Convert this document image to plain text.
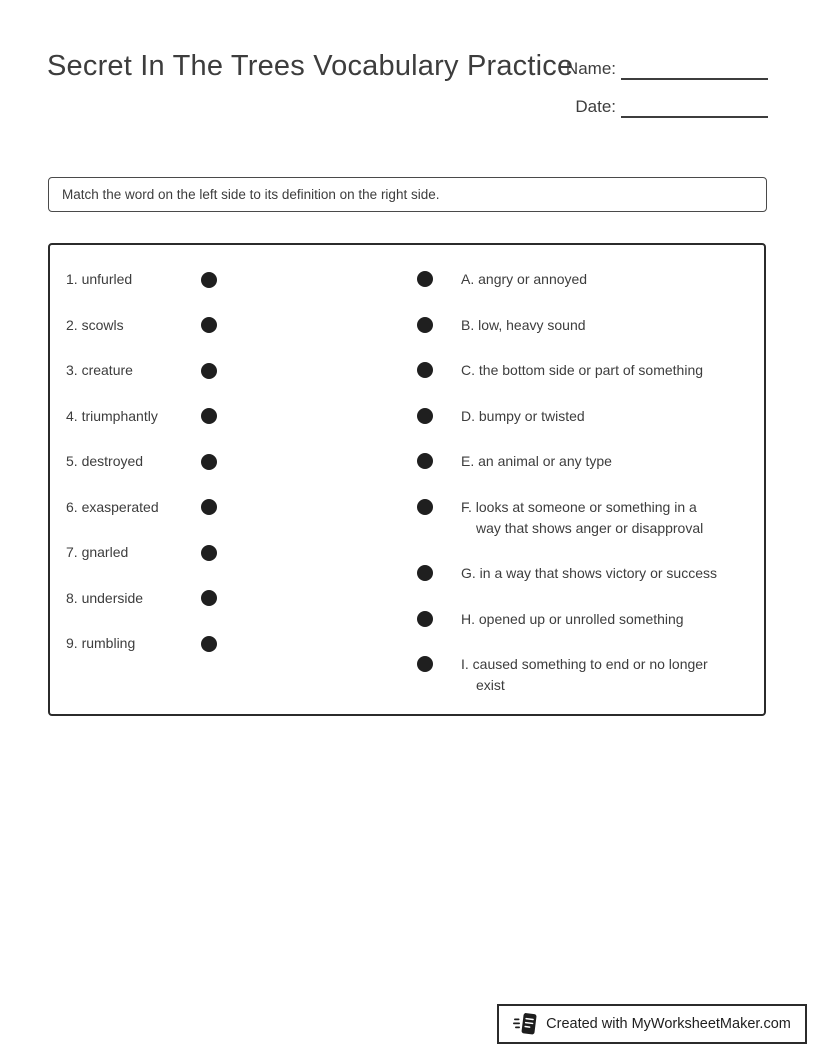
Secret In The Trees Vocabulary Practice
Name:
Date:
Match the word on the left side to its definition on the right side.
1. unfurled
2. scowls
3. creature
4. triumphantly
5. destroyed
6. exasperated
7. gnarled
8. underside
9. rumbling
A. angry or annoyed
B. low, heavy sound
C. the bottom side or part of something
D. bumpy or twisted
E. an animal or any type
F. looks at someone or something in a
way that shows anger or disapproval
G. in a way that shows victory or success
H. opened up or unrolled something
I. caused something to end or no longer
exist
Created with MyWorksheetMaker.com
